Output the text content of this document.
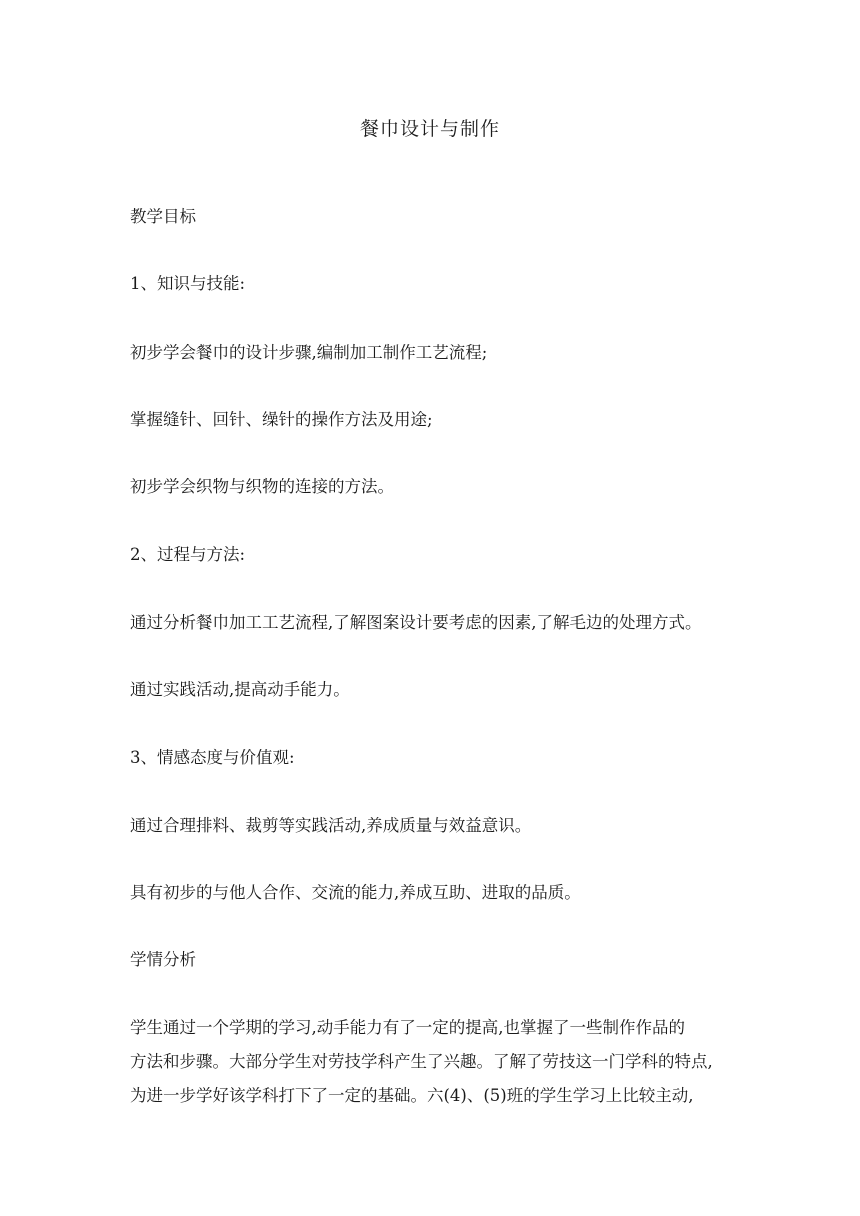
餐巾设计与制作
教学目标
1、知识与技能:
初步学会餐巾的设计步骤,编制加工制作工艺流程;
掌握缝针、回针、缲针的操作方法及用途;
初步学会织物与织物的连接的方法。
2、过程与方法:
通过分析餐巾加工工艺流程,了解图案设计要考虑的因素,了解毛边的处理方式。
通过实践活动,提高动手能力。
3、情感态度与价值观:
通过合理排料、裁剪等实践活动,养成质量与效益意识。
具有初步的与他人合作、交流的能力,养成互助、进取的品质。
学情分析
学生通过一个学期的学习,动手能力有了一定的提高,也掌握了一些制作作品的
方法和步骤。大部分学生对劳技学科产生了兴趣。了解了劳技这一门学科的特点,
为进一步学好该学科打下了一定的基础。六(4)、(5)班的学生学习上比较主动,
